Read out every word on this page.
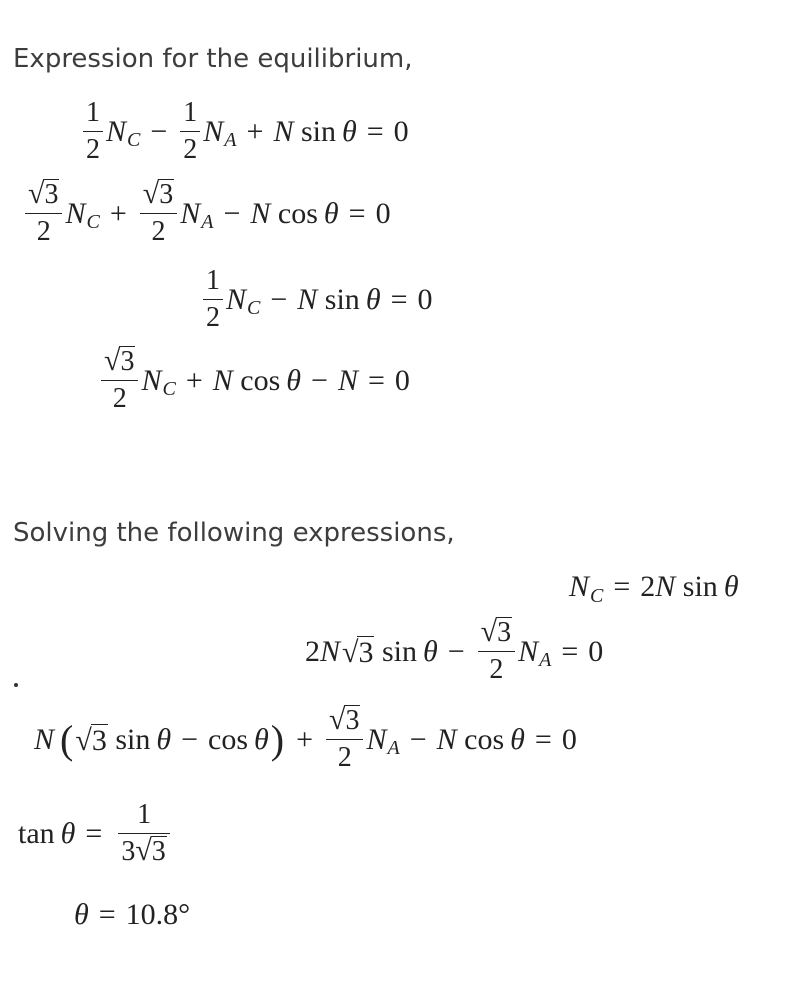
Expression for the equilibrium,
$\frac{1}{2}$ N $C - \frac{1}{2}$ N A + N
sin θ = 0
$\frac{√ 3}{2}$ N $C + \frac{√ 3}{2}$ N A − N
cos θ = 0
$\frac{1}{2}$ N C − N
sin θ = 0
$\frac{√ 3}{2}$ N C + N
cos θ − N = 0
Solving the following expressions,
N C = 2 N
sin θ
2 N √ 3
$\sin \theta - \frac{√ 3}{2}$ N A = 0
N ( √ 3
sin θ − cos θ ) + $\frac{√ 3}{2}$ N A − N
cos θ = 0
$\tan \theta = \frac{1}{3 √ 3}$
θ = 10.8°
